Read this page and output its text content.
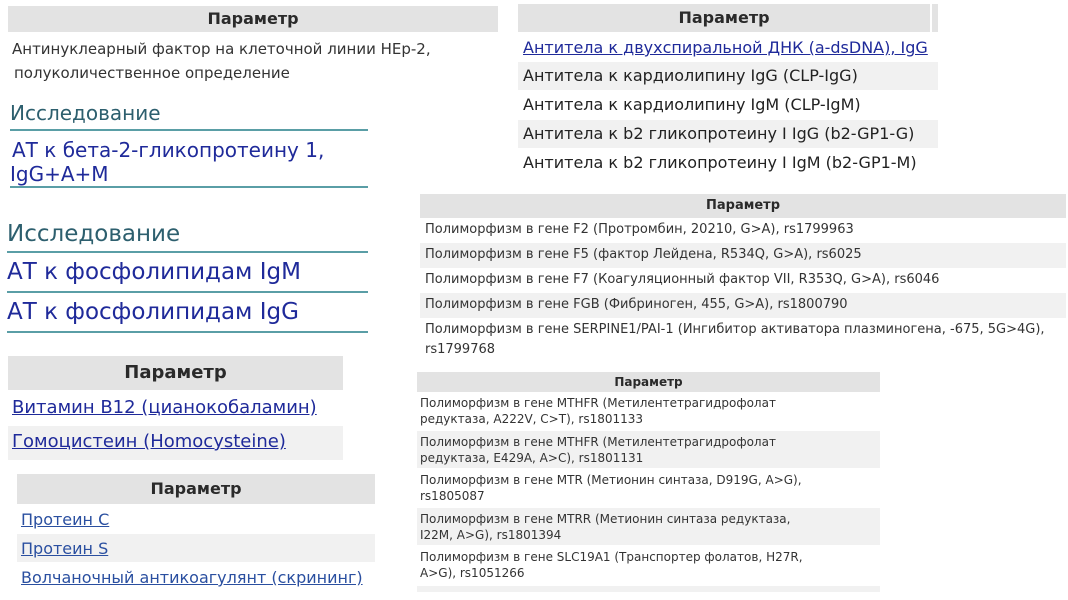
Параметр
Антинуклеарный фактор на клеточной линии HEp-2,
полуколичественное определение
Параметр
Антитела к двухспиральной ДНК (a-dsDNA), IgG
Антитела к кардиолипину IgG (CLP-IgG)
Антитела к кардиолипину IgM (CLP-IgM)
Антитела к b2 гликопротеину I IgG (b2-GP1-G)
Антитела к b2 гликопротеину I IgM (b2-GP1-M)
Исследование
АТ к бета-2-гликопротеину 1,
IgG+A+M
Исследование
АТ к фосфолипидам IgM
АТ к фосфолипидам IgG
Параметр
Полиморфизм в гене F2 (Протромбин, 20210, G>A), rs1799963
Полиморфизм в гене F5 (фактор Лейдена, R534Q, G>A), rs6025
Полиморфизм в гене F7 (Коагуляционный фактор VII, R353Q, G>A), rs6046
Полиморфизм в гене FGB (Фибриноген, 455, G>A), rs1800790
Полиморфизм в гене SERPINE1/PAI-1 (Ингибитор активатора плазминогена, -675, 5G>4G),
rs1799768
Параметр
Витамин B12 (цианокобаламин)
Гомоцистеин (Homocysteine)
Параметр
Полиморфизм в гене MTHFR (Метилентетрагидрофолат
редуктаза, A222V, C>T), rs1801133
Полиморфизм в гене MTHFR (Метилентетрагидрофолат
редуктаза, E429A, A>C), rs1801131
Полиморфизм в гене MTR (Метионин синтаза, D919G, A>G),
rs1805087
Полиморфизм в гене MTRR (Метионин синтаза редуктаза,
I22M, A>G), rs1801394
Полиморфизм в гене SLC19A1 (Транспортер фолатов, H27R,
A>G), rs1051266
Параметр
Протеин C
Протеин S
Волчаночный антикоагулянт (скрининг)
